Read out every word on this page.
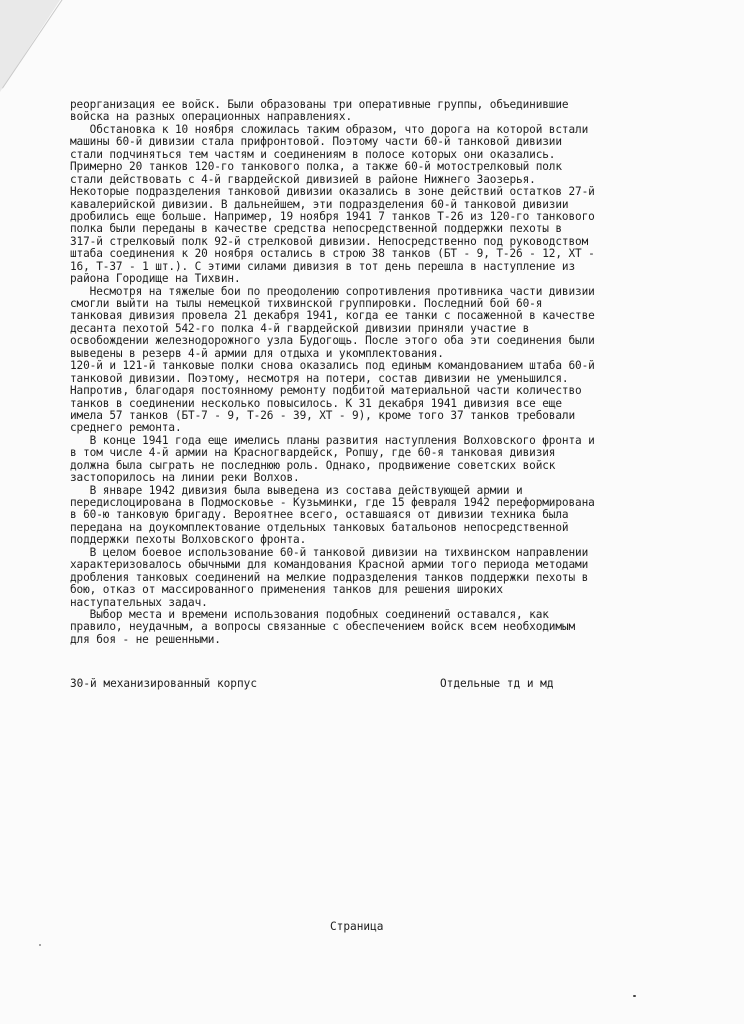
реорганизация ее войск. Были образованы три оперативные группы, объединившие
войска на разных операционных направлениях.
Обстановка к 10 ноября сложилась таким образом, что дорога на которой встали
машины 60-й дивизии стала прифронтовой. Поэтому части 60-й танковой дивизии
стали подчиняться тем частям и соединениям в полосе которых они оказались.
Примерно 20 танков 120-го танкового полка, а также 60-й мотострелковый полк
стали действовать с 4-й гвардейской дивизией в районе Нижнего Заозерья.
Некоторые подразделения танковой дивизии оказались в зоне действий остатков 27-й
кавалерийской дивизии. В дальнейшем, эти подразделения 60-й танковой дивизии
дробились еще больше. Например, 19 ноября 1941 7 танков Т-26 из 120-го танкового
полка были переданы в качестве средства непосредственной поддержки пехоты в
317-й стрелковый полк 92-й стрелковой дивизии. Непосредственно под руководством
штаба соединения к 20 ноября остались в строю 38 танков (БТ - 9, Т-26 - 12, ХТ -
16, Т-37 - 1 шт.). С этими силами дивизия в тот день перешла в наступление из
района Городище на Тихвин.
Несмотря на тяжелые бои по преодолению сопротивления противника части дивизии
смогли выйти на тылы немецкой тихвинской группировки. Последний бой 60-я
танковая дивизия провела 21 декабря 1941, когда ее танки с посаженной в качестве
десанта пехотой 542-го полка 4-й гвардейской дивизии приняли участие в
освобождении железнодорожного узла Будогощь. После этого оба эти соединения были
выведены в резерв 4-й армии для отдыха и укомплектования.
120-й и 121-й танковые полки снова оказались под единым командованием штаба 60-й
танковой дивизии. Поэтому, несмотря на потери, состав дивизии не уменьшился.
Напротив, благодаря постоянному ремонту подбитой материальной части количество
танков в соединении несколько повысилось. К 31 декабря 1941 дивизия все еще
имела 57 танков (БТ-7 - 9, Т-26 - 39, ХТ - 9), кроме того 37 танков требовали
среднего ремонта.
В конце 1941 года еще имелись планы развития наступления Волховского фронта и
в том числе 4-й армии на Красногвардейск, Ропшу, где 60-я танковая дивизия
должна была сыграть не последнюю роль. Однако, продвижение советских войск
застопорилось на линии реки Волхов.
В январе 1942 дивизия была выведена из состава действующей армии и
передислоцирована в Подмосковье - Кузьминки, где 15 февраля 1942 переформирована
в 60-ю танковую бригаду. Вероятнее всего, оставшаяся от дивизии техника была
передана на доукомплектование отдельных танковых батальонов непосредственной
поддержки пехоты Волховского фронта.
В целом боевое использование 60-й танковой дивизии на тихвинском направлении
характеризовалось обычными для командования Красной армии того периода методами
дробления танковых соединений на мелкие подразделения танков поддержки пехоты в
бою, отказ от массированного применения танков для решения широких
наступательных задач.
Выбор места и времени использования подобных соединений оставался, как
правило, неудачным, а вопросы связанные с обеспечением войск всем необходимым
для боя - не решенными.
30-й механизированный корпус	Отдельные тд и мд
Страница
